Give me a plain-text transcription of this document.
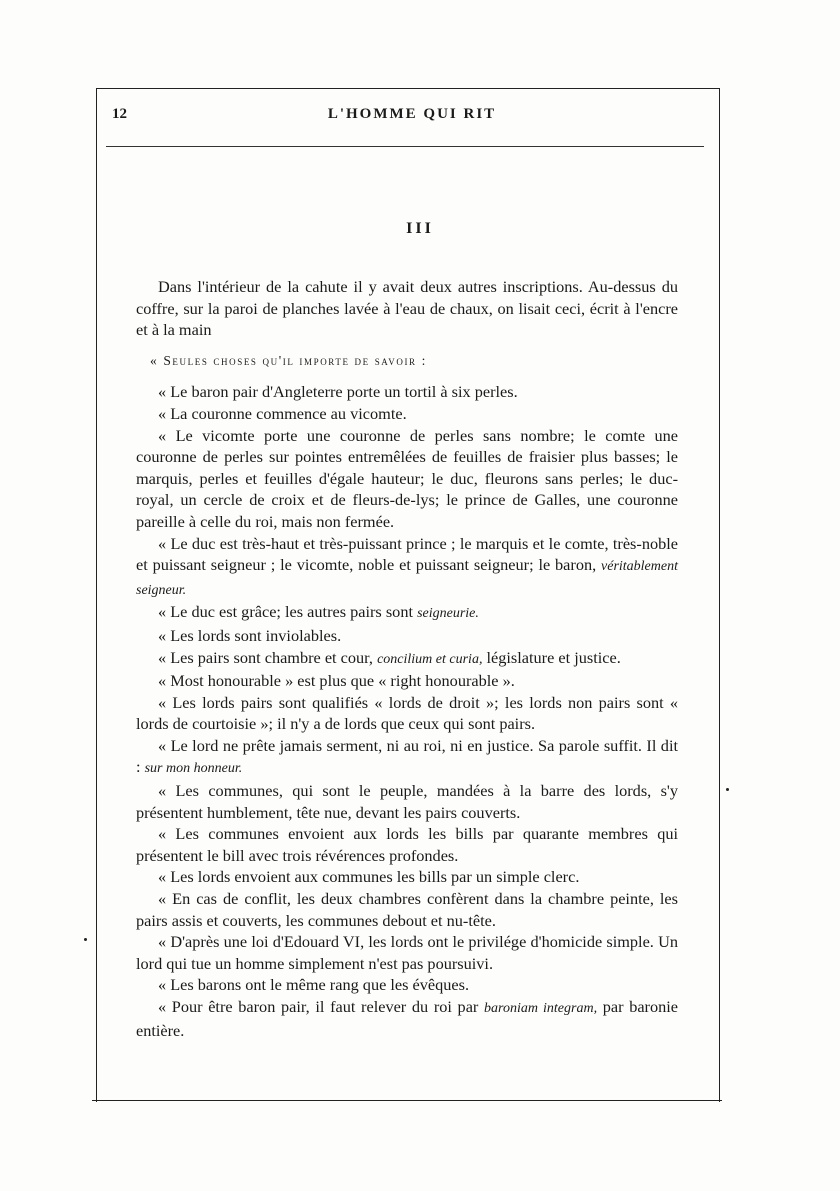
12	L'HOMME QUI RIT
III

Dans l'intérieur de la cahute il y avait deux autres inscriptions. Au-dessus du coffre, sur la paroi de planches lavée à l'eau de chaux, on lisait ceci, écrit à l'encre et à la main

« Seules choses qu'il importe de savoir :

« Le baron pair d'Angleterre porte un tortil à six perles.

« La couronne commence au vicomte.

« Le vicomte porte une couronne de perles sans nombre; le comte une couronne de perles sur pointes entremêlées de feuilles de fraisier plus basses; le marquis, perles et feuilles d'égale hauteur; le duc, fleurons sans perles; le duc-royal, un cercle de croix et de fleurs-de-lys; le prince de Galles, une couronne pareille à celle du roi, mais non fermée.

« Le duc est très-haut et très-puissant prince ; le marquis et le comte, très-noble et puissant seigneur ; le vicomte, noble et puissant seigneur; le baron, véritablement seigneur.

« Le duc est grâce; les autres pairs sont seigneurie.

« Les lords sont inviolables.

« Les pairs sont chambre et cour, concilium et curia, législature et justice.

« Most honourable » est plus que « right honourable ».

« Les lords pairs sont qualifiés « lords de droit »; les lords non pairs sont « lords de courtoisie »; il n'y a de lords que ceux qui sont pairs.

« Le lord ne prête jamais serment, ni au roi, ni en justice. Sa parole suffit. Il dit : sur mon honneur.

« Les communes, qui sont le peuple, mandées à la barre des lords, s'y présentent humblement, tête nue, devant les pairs couverts.

« Les communes envoient aux lords les bills par quarante membres qui présentent le bill avec trois révérences profondes.

« Les lords envoient aux communes les bills par un simple clerc.

« En cas de conflit, les deux chambres confèrent dans la chambre peinte, les pairs assis et couverts, les communes debout et nu-tête.

« D'après une loi d'Edouard VI, les lords ont le privilége d'homicide simple. Un lord qui tue un homme simplement n'est pas poursuivi.

« Les barons ont le même rang que les évêques.

« Pour être baron pair, il faut relever du roi par baroniam integram, par baronie entière.
